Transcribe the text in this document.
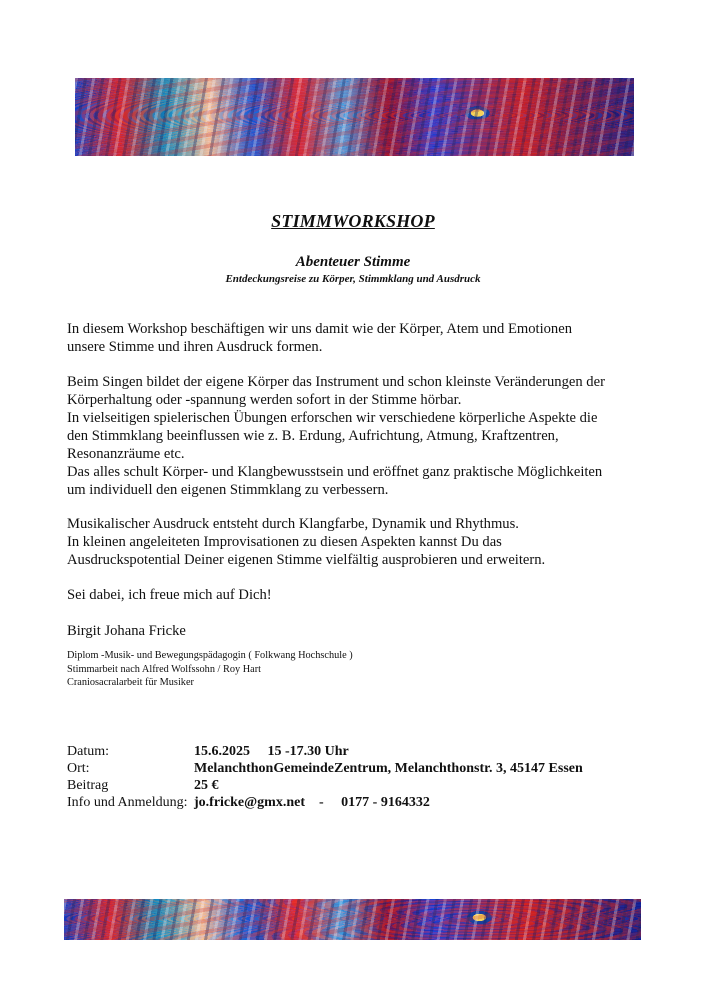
STIMMWORKSHOP
Abenteuer Stimme
Entdeckungsreise zu Körper, Stimmklang und Ausdruck

In diesem Workshop beschäftigen wir uns damit wie der Körper, Atem und Emotionen

unsere Stimme und ihren Ausdruck formen.

Beim Singen bildet der eigene Körper das Instrument und schon kleinste Veränderungen der

Körperhaltung oder -spannung werden sofort in der Stimme hörbar.

In vielseitigen spielerischen Übungen erforschen wir verschiedene körperliche Aspekte die

den Stimmklang beeinflussen wie z. B. Erdung, Aufrichtung, Atmung, Kraftzentren,

Resonanzräume etc.

Das alles schult Körper- und Klangbewusstsein und eröffnet ganz praktische Möglichkeiten

um individuell den eigenen Stimmklang zu verbessern.

Musikalischer Ausdruck entsteht durch Klangfarbe, Dynamik und Rhythmus.

In kleinen angeleiteten Improvisationen zu diesen Aspekten kannst Du das

Ausdruckspotential Deiner eigenen Stimme vielfältig ausprobieren und erweitern.

Sei dabei, ich freue mich auf Dich!

Birgit Johana Fricke

Diplom -Musik- und Bewegungspädagogin ( Folkwang Hochschule )
Stimmarbeit nach Alfred Wolfssohn / Roy Hart
Craniosacralarbeit für Musiker
Datum:	15.6.2025     15 -17.30 Uhr
Ort:	MelanchthonGemeindeZentrum, Melanchthonstr. 3, 45147 Essen
Beitrag	25 €
Info und Anmeldung: jo.fricke@gmx.net    -     0177 - 9164332
